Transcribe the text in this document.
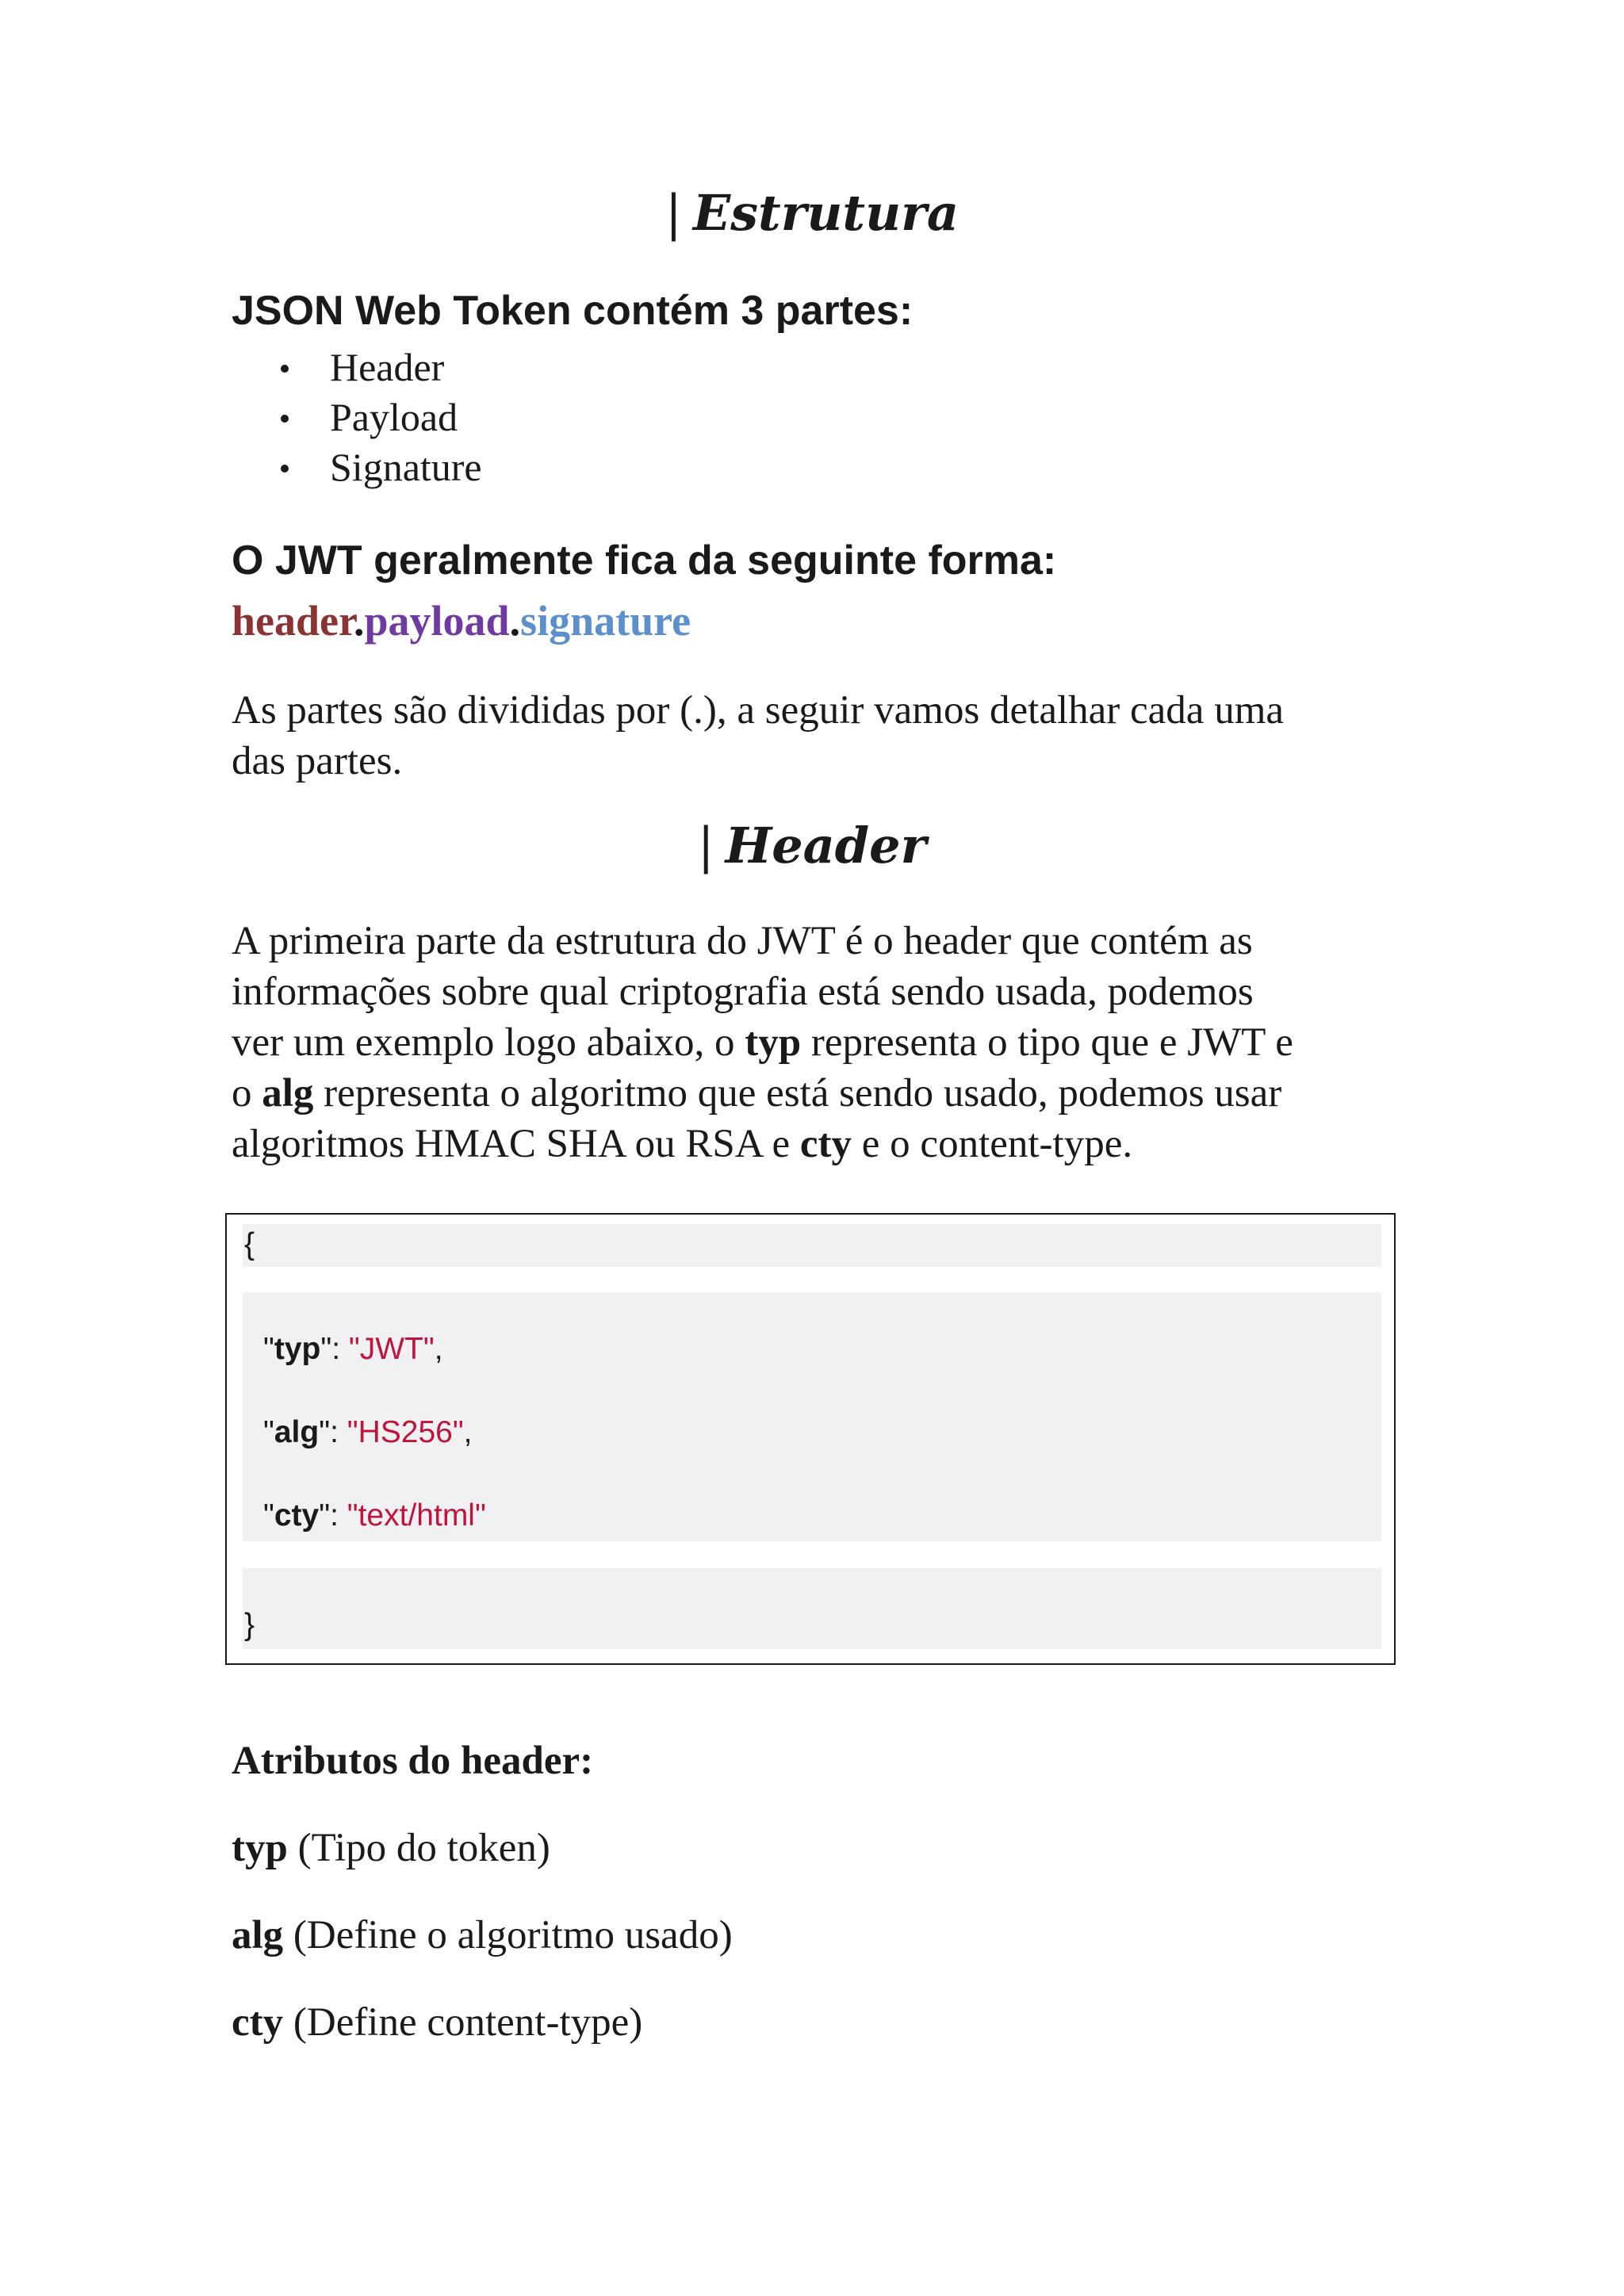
| Estrutura
JSON Web Token contém 3 partes:
Header
Payload
Signature
O JWT geralmente fica da seguinte forma:
header.payload.signature
As partes são divididas por (.), a seguir vamos detalhar cada uma
das partes.
| Header
A primeira parte da estrutura do JWT é o header que contém as
informações sobre qual criptografia está sendo usada, podemos
ver um exemplo logo abaixo, o typ representa o tipo que e JWT e
o alg representa o algoritmo que está sendo usado, podemos usar
algoritmos HMAC SHA ou RSA e cty e o content-type.
{
"typ": "JWT",
"alg": "HS256",
"cty": "text/html"
}
Atributos do header:
typ (Tipo do token)
alg (Define o algoritmo usado)
cty (Define content-type)
